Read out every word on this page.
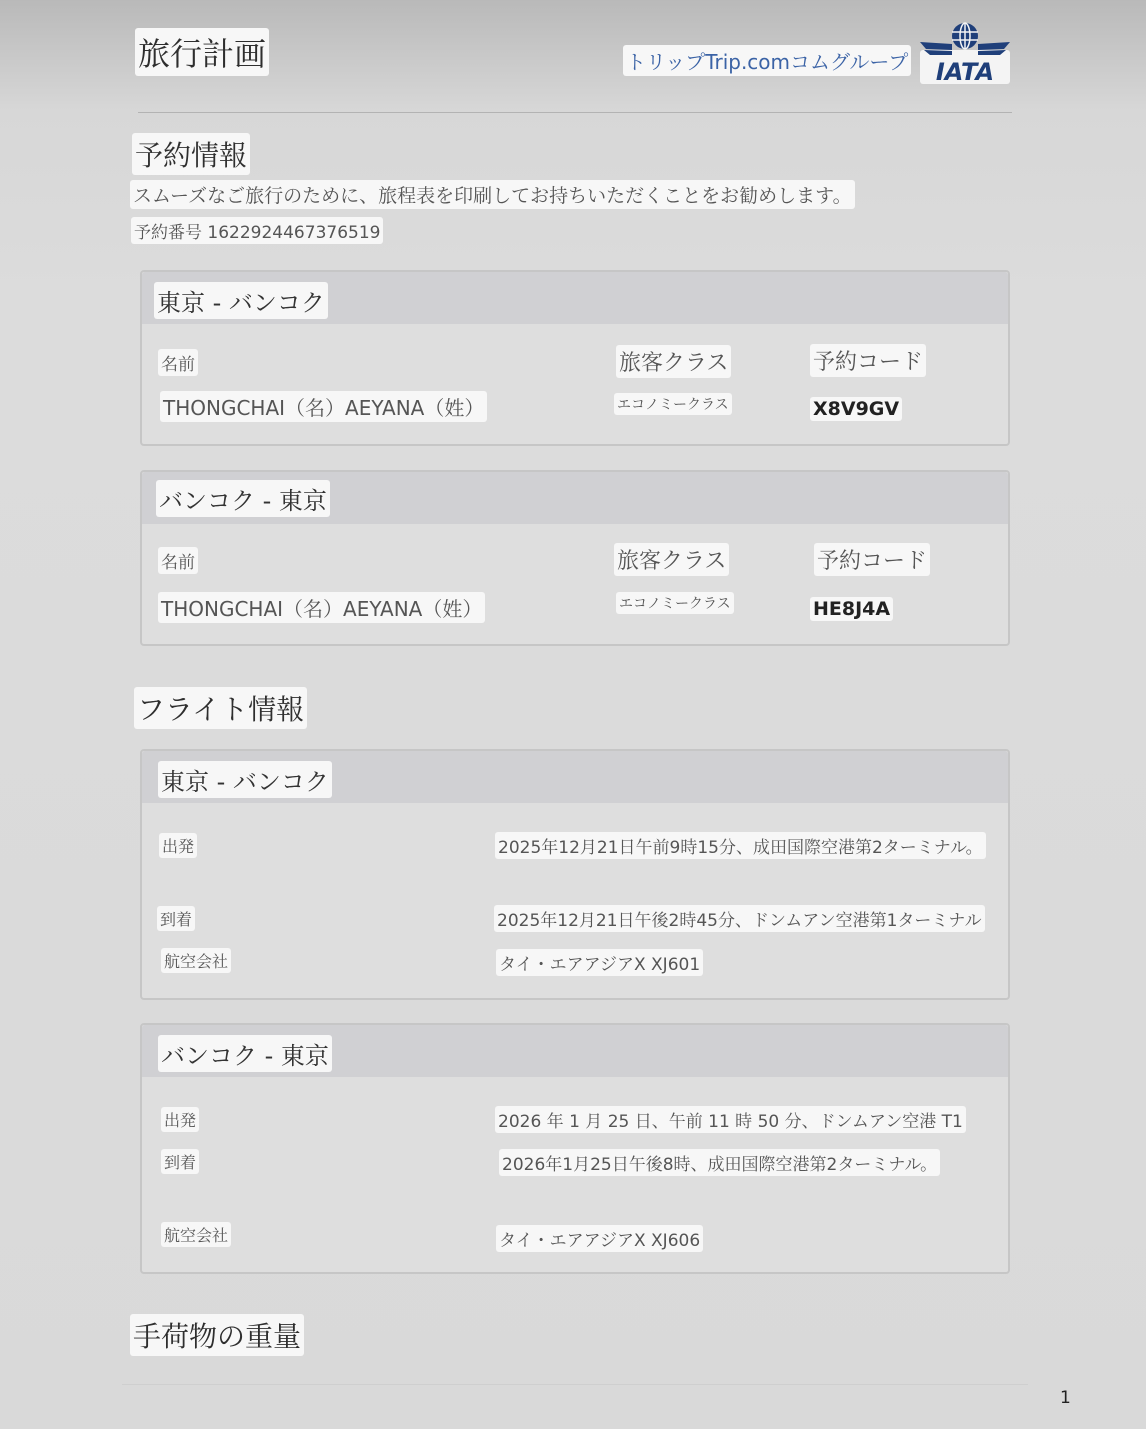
旅行計画	トリップTrip.comコムグループ IATA
予約情報
スムーズなご旅行のために、旅程表を印刷してお持ちいただくことをお勧めします。
予約番号 1622924467376519
東京 - バンコク
名前	旅客クラス	予約コード
THONGCHAI（名）AEYANA（姓）	エコノミークラス	X8V9GV
バンコク - 東京
名前	旅客クラス	予約コード
THONGCHAI（名）AEYANA（姓）	エコノミークラス	HE8J4A
フライト情報
東京 - バンコク
出発	2025年12月21日午前9時15分、成田国際空港第2ターミナル。
到着	2025年12月21日午後2時45分、ドンムアン空港第1ターミナル
航空会社	タイ・エアアジアX XJ601
バンコク - 東京
出発	2026 年 1 月 25 日、午前 11 時 50 分、ドンムアン空港 T1
到着	2026年1月25日午後8時、成田国際空港第2ターミナル。
航空会社	タイ・エアアジアX XJ606
手荷物の重量
1
